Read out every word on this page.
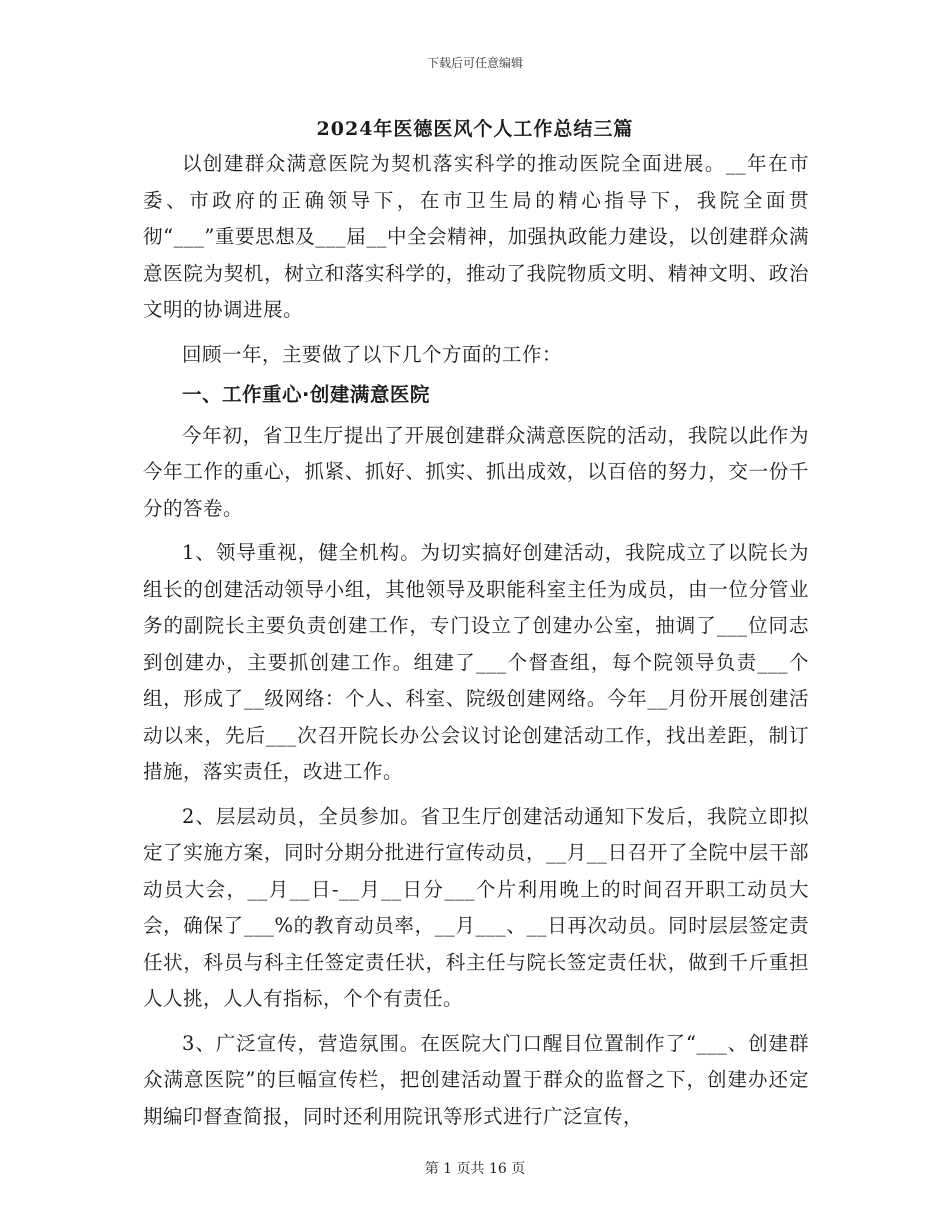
下载后可任意编辑
2024年医德医风个人工作总结三篇

以创建群众满意医院为契机落实科学的推动医院全面进展。__年在市委、市政府的正确领导下，在市卫生局的精心指导下，我院全面贯彻“___”重要思想及___届__中全会精神，加强执政能力建设，以创建群众满意医院为契机，树立和落实科学的，推动了我院物质文明、精神文明、政治文明的协调进展。

回顾一年，主要做了以下几个方面的工作：

一、工作重心·创建满意医院

今年初，省卫生厅提出了开展创建群众满意医院的活动，我院以此作为今年工作的重心，抓紧、抓好、抓实、抓出成效，以百倍的努力，交一份千分的答卷。

1、领导重视，健全机构。为切实搞好创建活动，我院成立了以院长为组长的创建活动领导小组，其他领导及职能科室主任为成员，由一位分管业务的副院长主要负责创建工作，专门设立了创建办公室，抽调了___位同志到创建办，主要抓创建工作。组建了___个督查组，每个院领导负责___个组，形成了__级网络：个人、科室、院级创建网络。今年__月份开展创建活动以来，先后___次召开院长办公会议讨论创建活动工作，找出差距，制订措施，落实责任，改进工作。

2、层层动员，全员参加。省卫生厅创建活动通知下发后，我院立即拟定了实施方案，同时分期分批进行宣传动员，__月__日召开了全院中层干部动员大会，__月__日-__月__日分___个片利用晚上的时间召开职工动员大会，确保了___%的教育动员率，__月___、__日再次动员。同时层层签定责任状，科员与科主任签定责任状，科主任与院长签定责任状，做到千斤重担人人挑，人人有指标，个个有责任。

3、广泛宣传，营造氛围。在医院大门口醒目位置制作了“___、创建群众满意医院”的巨幅宣传栏，把创建活动置于群众的监督之下，创建办还定期编印督查简报，同时还利用院讯等形式进行广泛宣传，

第 1 页共 16 页
